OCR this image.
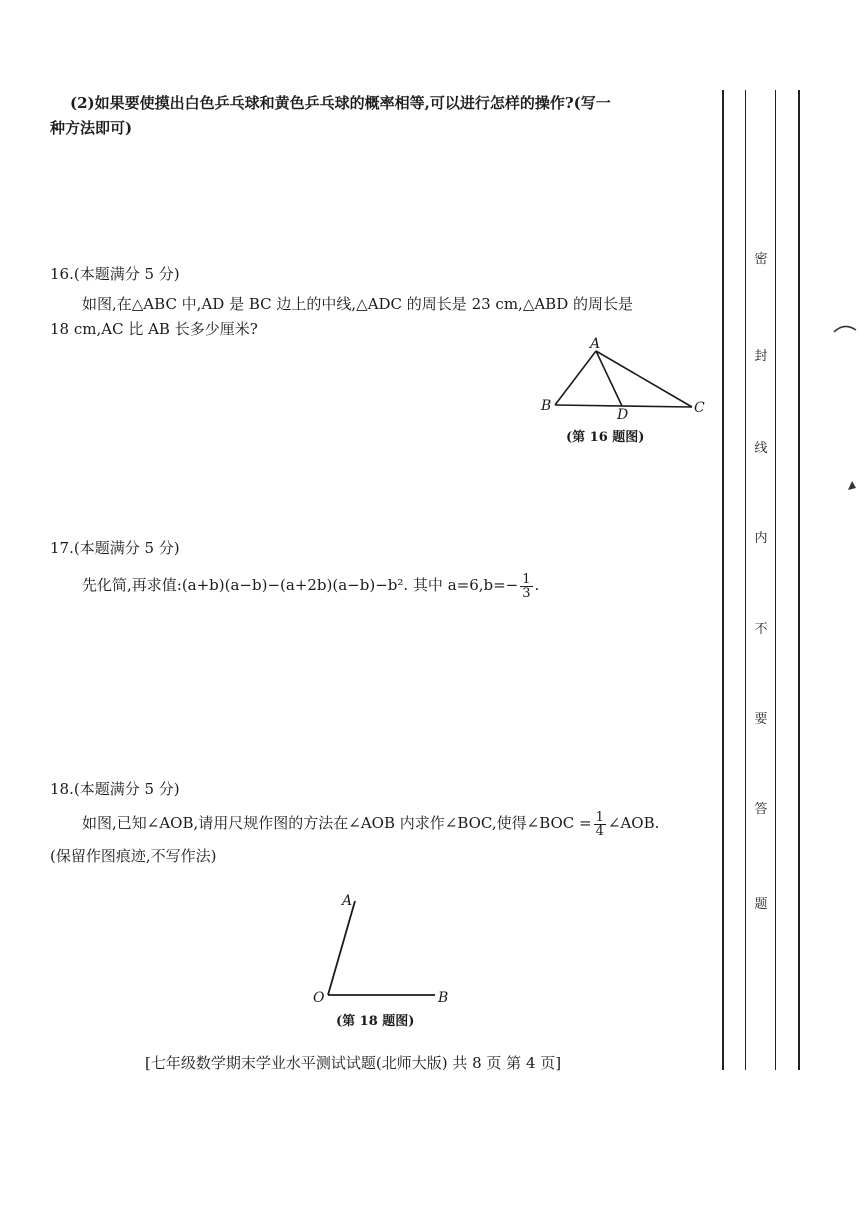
(2)如果要使摸出白色乒乓球和黄色乒乓球的概率相等,可以进行怎样的操作?(写一
种方法即可)
16.(本题满分 5 分)
如图,在△ABC 中,AD 是 BC 边上的中线,△ADC 的周长是 23 cm,△ABD 的周长是
18 cm,AC 比 AB 长多少厘米?
A
B	C
D
(第 16 题图)
17.(本题满分 5 分)
先化简,再求值:(a+b)(a−b)−(a+2b)(a−b)−b². 其中 $a=6,b=- \frac{1}{3}$ .
18.(本题满分 5 分)
如图,已知∠AOB,请用尺规作图的方法在∠AOB 内求作∠BOC,使得∠BOC = $\frac{1}{4}$ ∠AOB.
(保留作图痕迹,不写作法)
A
O	B
(第 18 题图)
[七年级数学期末学业水平测试试题(北师大版) 共 8 页 第 4 页]
密
封
线
内
不
要
答
题
